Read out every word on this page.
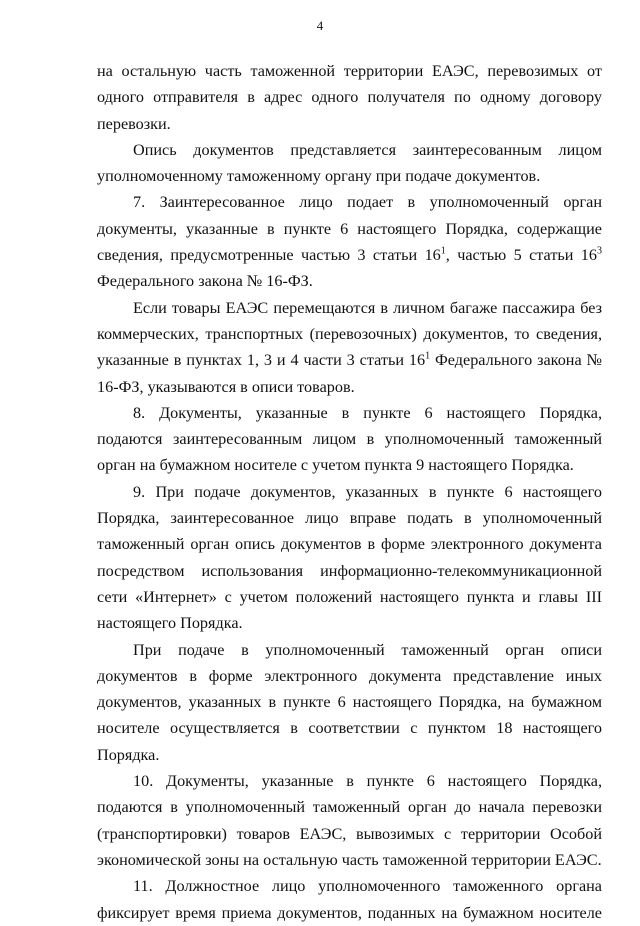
4

на остальную часть таможенной территории ЕАЭС, перевозимых от одного отправителя в адрес одного получателя по одному договору перевозки.

Опись документов представляется заинтересованным лицом уполномоченному таможенному органу при подаче документов.

7. Заинтересованное лицо подает в уполномоченный орган документы, указанные в пункте 6 настоящего Порядка, содержащие сведения, предусмотренные частью 3 статьи $16^1$, частью 5 статьи $16^3$ Федерального закона № 16-ФЗ.

Если товары ЕАЭС перемещаются в личном багаже пассажира без коммерческих, транспортных (перевозочных) документов, то сведения, указанные в пунктах 1, 3 и 4 части 3 статьи $16^1$ Федерального закона № 16-ФЗ, указываются в описи товаров.

8. Документы, указанные в пункте 6 настоящего Порядка, подаются заинтересованным лицом в уполномоченный таможенный орган на бумажном носителе с учетом пункта 9 настоящего Порядка.

9. При подаче документов, указанных в пункте 6 настоящего Порядка, заинтересованное лицо вправе подать в уполномоченный таможенный орган опись документов в форме электронного документа посредством использования информационно-телекоммуникационной сети «Интернет» с учетом положений настоящего пункта и главы III настоящего Порядка.

При подаче в уполномоченный таможенный орган описи документов в форме электронного документа представление иных документов, указанных в пункте 6 настоящего Порядка, на бумажном носителе осуществляется в соответствии с пунктом 18 настоящего Порядка.

10. Документы, указанные в пункте 6 настоящего Порядка, подаются в уполномоченный таможенный орган до начала перевозки (транспортировки) товаров ЕАЭС, вывозимых с территории Особой экономической зоны на остальную часть таможенной территории ЕАЭС.

11. Должностное лицо уполномоченного таможенного органа фиксирует время приема документов, поданных на бумажном носителе
